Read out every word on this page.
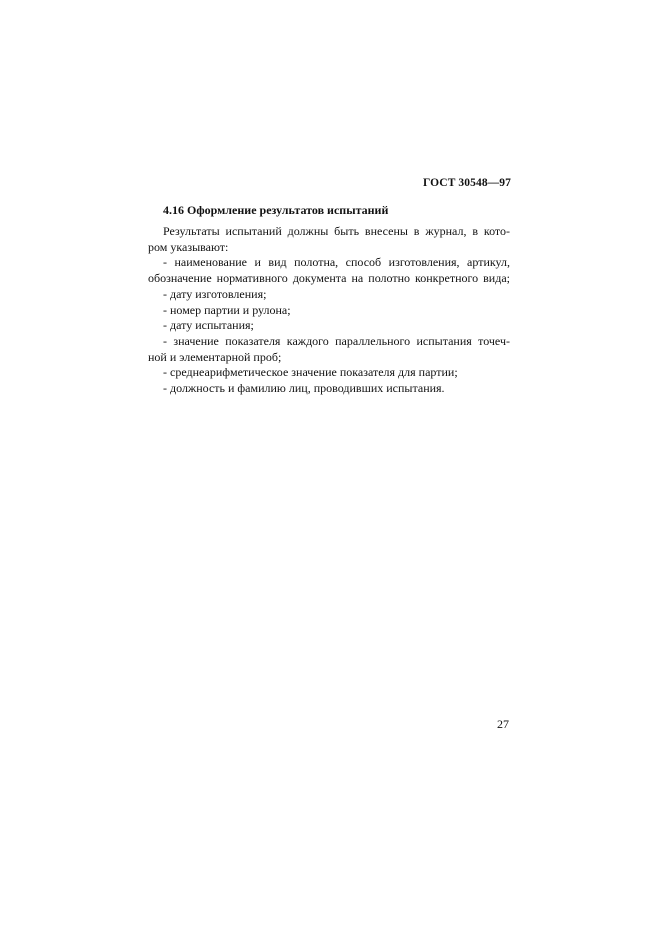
ГОСТ 30548—97
4.16 Оформление результатов испытаний
Результаты испытаний должны быть внесены в журнал, в кото-
ром указывают:
- наименование и вид полотна, способ изготовления, артикул,
обозначение нормативного документа на полотно конкретного вида;
- дату изготовления;
- номер партии и рулона;
- дату испытания;
- значение показателя каждого параллельного испытания точеч-
ной и элементарной проб;
- среднеарифметическое значение показателя для партии;
- должность и фамилию лиц, проводивших испытания.
27
